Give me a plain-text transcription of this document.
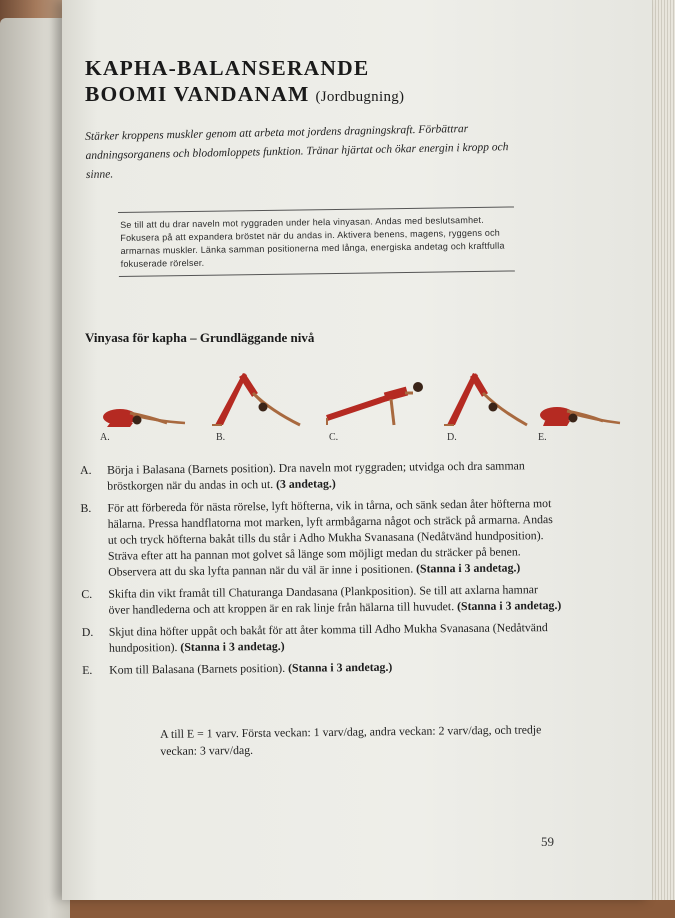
KAPHA-BALANSERANDE
BOOMI VANDANAM (Jordbugning)

Stärker kroppens muskler genom att arbeta mot jordens dragningskraft. Förbättrar andningsorganens och blodomloppets funktion. Tränar hjärtat och ökar energin i kropp och sinne.

Se till att du drar naveln mot ryggraden under hela vinyasan. Andas med beslutsamhet. Fokusera på att expandera bröstet när du andas in. Aktivera benens, magens, ryggens och armarnas muskler. Länka samman positionerna med långa, energiska andetag och kraftfulla fokuserade rörelser.

Vinyasa för kapha – Grundläggande nivå
A.	B.	C.	D.	E.
A. Börja i Balasana (Barnets position). Dra naveln mot ryggraden; utvidga och dra samman bröstkorgen när du andas in och ut. (3 andetag.)
B. För att förbereda för nästa rörelse, lyft höfterna, vik in tårna, och sänk sedan åter höfterna mot hälarna. Pressa handflatorna mot marken, lyft armbågarna något och sträck på armarna. Andas ut och tryck höfterna bakåt tills du står i Adho Mukha Svanasana (Nedåtvänd hundposition). Sträva efter att ha pannan mot golvet så länge som möjligt medan du sträcker på benen. Observera att du ska lyfta pannan när du väl är inne i positionen. (Stanna i 3 andetag.)
C. Skifta din vikt framåt till Chaturanga Dandasana (Plankposition). Se till att axlarna hamnar över handlederna och att kroppen är en rak linje från hälarna till huvudet. (Stanna i 3 andetag.)
D. Skjut dina höfter uppåt och bakåt för att åter komma till Adho Mukha Svanasana (Nedåtvänd hundposition). (Stanna i 3 andetag.)
E. Kom till Balasana (Barnets position). (Stanna i 3 andetag.)

A till E = 1 varv. Första veckan: 1 varv/dag, andra veckan: 2 varv/dag, och tredje veckan: 3 varv/dag.

59
